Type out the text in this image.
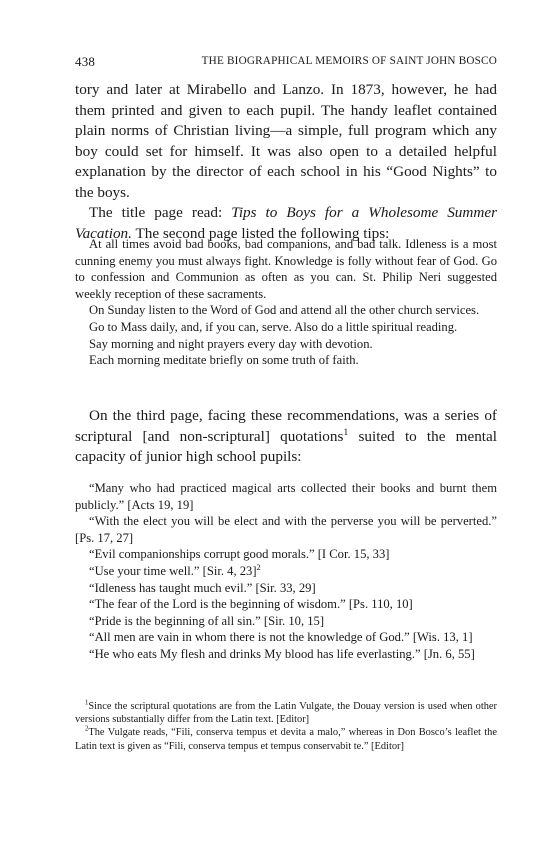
438	THE BIOGRAPHICAL MEMOIRS OF SAINT JOHN BOSCO

tory and later at Mirabello and Lanzo. In 1873, however, he had them printed and given to each pupil. The handy leaflet contained plain norms of Christian living—a simple, full program which any boy could set for himself. It was also open to a detailed helpful explanation by the director of each school in his “Good Nights” to the boys.

The title page read: Tips to Boys for a Wholesome Summer Vacation. The second page listed the following tips:

At all times avoid bad books, bad companions, and bad talk. Idleness is a most cunning enemy you must always fight. Knowledge is folly without fear of God. Go to confession and Communion as often as you can. St. Philip Neri suggested weekly reception of these sacraments.

On Sunday listen to the Word of God and attend all the other church services.

Go to Mass daily, and, if you can, serve. Also do a little spiritual reading.

Say morning and night prayers every day with devotion.

Each morning meditate briefly on some truth of faith.

On the third page, facing these recommendations, was a series of scriptural [and non-scriptural] quotations$^1$ suited to the mental capacity of junior high school pupils:

“Many who had practiced magical arts collected their books and burnt them publicly.” [Acts 19, 19]

“With the elect you will be elect and with the perverse you will be perverted.” [Ps. 17, 27]

“Evil companionships corrupt good morals.” [I Cor. 15, 33]

“Use your time well.” [Sir. 4, 23]$^2$

“Idleness has taught much evil.” [Sir. 33, 29]

“The fear of the Lord is the beginning of wisdom.” [Ps. 110, 10]

“Pride is the beginning of all sin.” [Sir. 10, 15]

“All men are vain in whom there is not the knowledge of God.” [Wis. 13, 1]

“He who eats My flesh and drinks My blood has life everlasting.” [Jn. 6, 55]

$^1$Since the scriptural quotations are from the Latin Vulgate, the Douay version is used when other versions substantially differ from the Latin text. [Editor]

$^2$The Vulgate reads, “Fili, conserva tempus et devita a malo,” whereas in Don Bosco’s leaflet the Latin text is given as “Fili, conserva tempus et tempus conservabit te.” [Editor]
